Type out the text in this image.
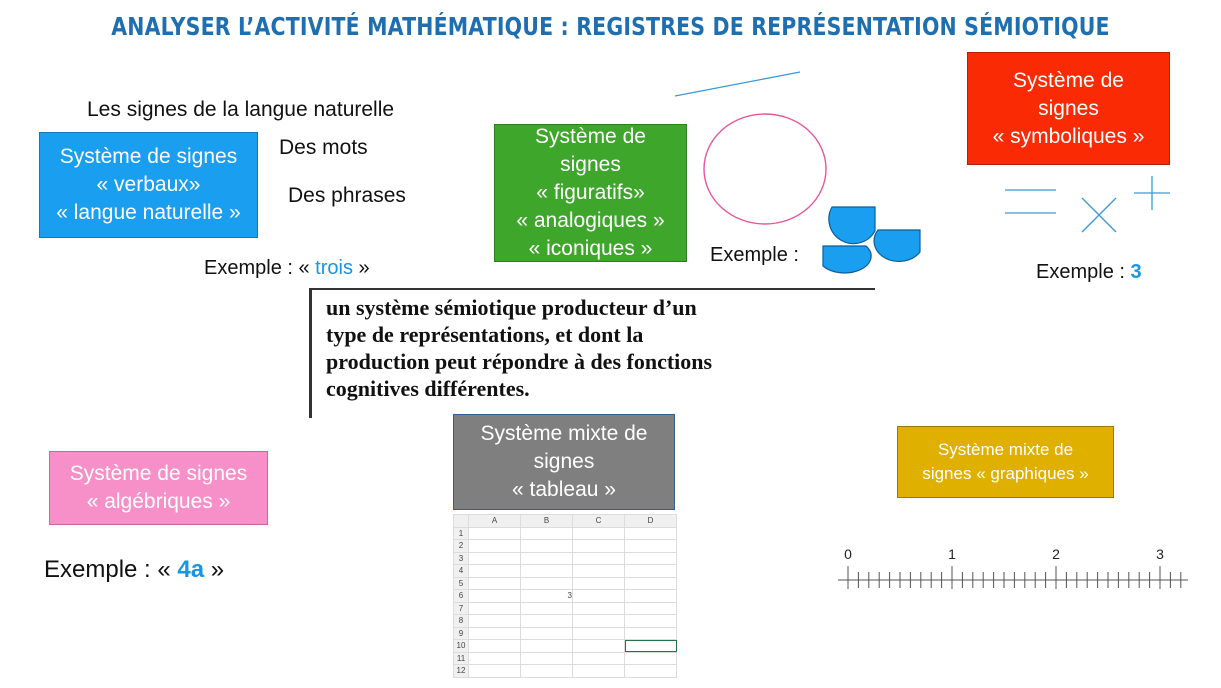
ANALYSER L’ACTIVITÉ MATHÉMATIQUE : REGISTRES DE REPRÉSENTATION SÉMIOTIQUE
Système de signes
« verbaux»
« langue naturelle »
Les signes de la langue naturelle
Des mots
Des phrases
Exemple : « trois »
Système de
signes
« figuratifs»
« analogiques »
« iconiques »	Exemple :
Système de
signes
« symboliques »
Exemple : 3
un système sémiotique producteur d’un
type de représentations, et dont la
production peut répondre à des fonctions
cognitives différentes.
Système de signes
« algébriques »
Exemple : « 4a »
Système mixte de
signes
« tableau »
	A	B	C	D
1				
2				
3				
4				
5				
6		3		
7				
8				
9				
10				
11				
12				
Système mixte de
signes « graphiques »
0	1	2	3
